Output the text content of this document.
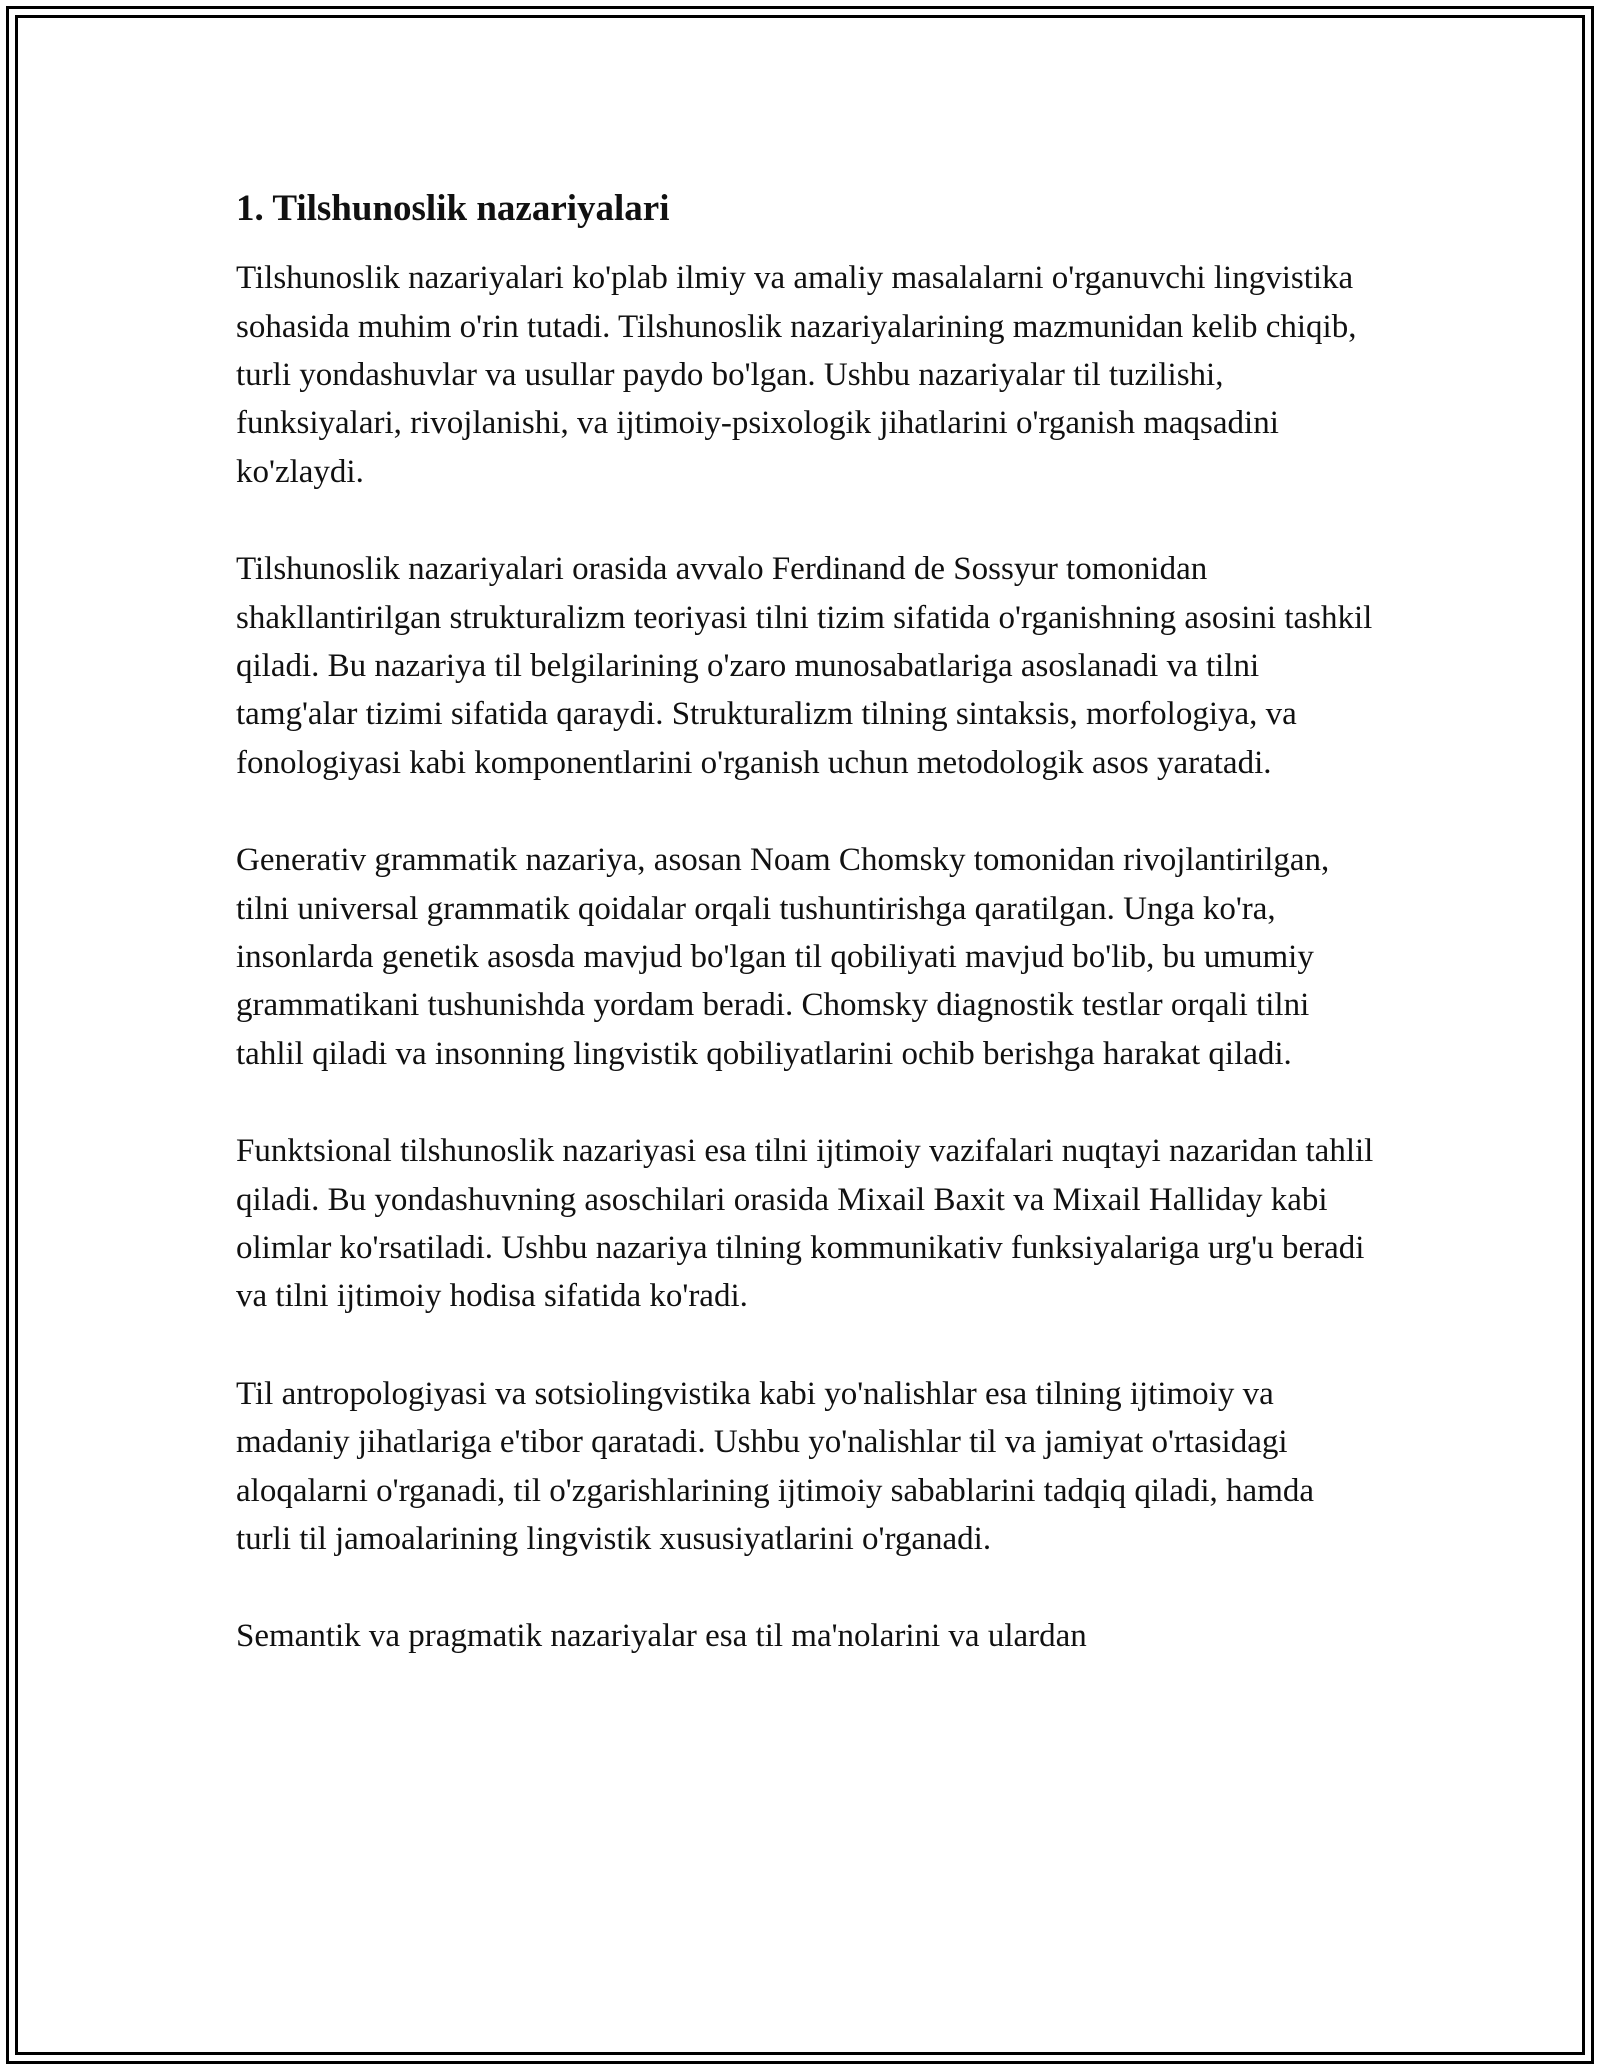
1. Tilshunoslik nazariyalari

Tilshunoslik nazariyalari ko'plab ilmiy va amaliy masalalarni o'rganuvchi lingvistika sohasida muhim o'rin tutadi. Tilshunoslik nazariyalarining mazmunidan kelib chiqib, turli yondashuvlar va usullar paydo bo'lgan. Ushbu nazariyalar til tuzilishi, funksiyalari, rivojlanishi, va ijtimoiy-psixologik jihatlarini o'rganish maqsadini ko'zlaydi.

Tilshunoslik nazariyalari orasida avvalo Ferdinand de Sossyur tomonidan shakllantirilgan strukturalizm teoriyasi tilni tizim sifatida o'rganishning asosini tashkil qiladi. Bu nazariya til belgilarining o'zaro munosabatlariga asoslanadi va tilni tamg'alar tizimi sifatida qaraydi. Strukturalizm tilning sintaksis, morfologiya, va fonologiyasi kabi komponentlarini o'rganish uchun metodologik asos yaratadi.

Generativ grammatik nazariya, asosan Noam Chomsky tomonidan rivojlantirilgan, tilni universal grammatik qoidalar orqali tushuntirishga qaratilgan. Unga ko'ra, insonlarda genetik asosda mavjud bo'lgan til qobiliyati mavjud bo'lib, bu umumiy grammatikani tushunishda yordam beradi. Chomsky diagnostik testlar orqali tilni tahlil qiladi va insonning lingvistik qobiliyatlarini ochib berishga harakat qiladi.

Funktsional tilshunoslik nazariyasi esa tilni ijtimoiy vazifalari nuqtayi nazaridan tahlil qiladi. Bu yondashuvning asoschilari orasida Mixail Baxit va Mixail Halliday kabi olimlar ko'rsatiladi. Ushbu nazariya tilning kommunikativ funksiyalariga urg'u beradi va tilni ijtimoiy hodisa sifatida ko'radi.

Til antropologiyasi va sotsiolingvistika kabi yo'nalishlar esa tilning ijtimoiy va madaniy jihatlariga e'tibor qaratadi. Ushbu yo'nalishlar til va jamiyat o'rtasidagi aloqalarni o'rganadi, til o'zgarishlarining ijtimoiy sabablarini tadqiq qiladi, hamda turli til jamoalarining lingvistik xususiyatlarini o'rganadi.

Semantik va pragmatik nazariyalar esa til ma'nolarini va ulardan
